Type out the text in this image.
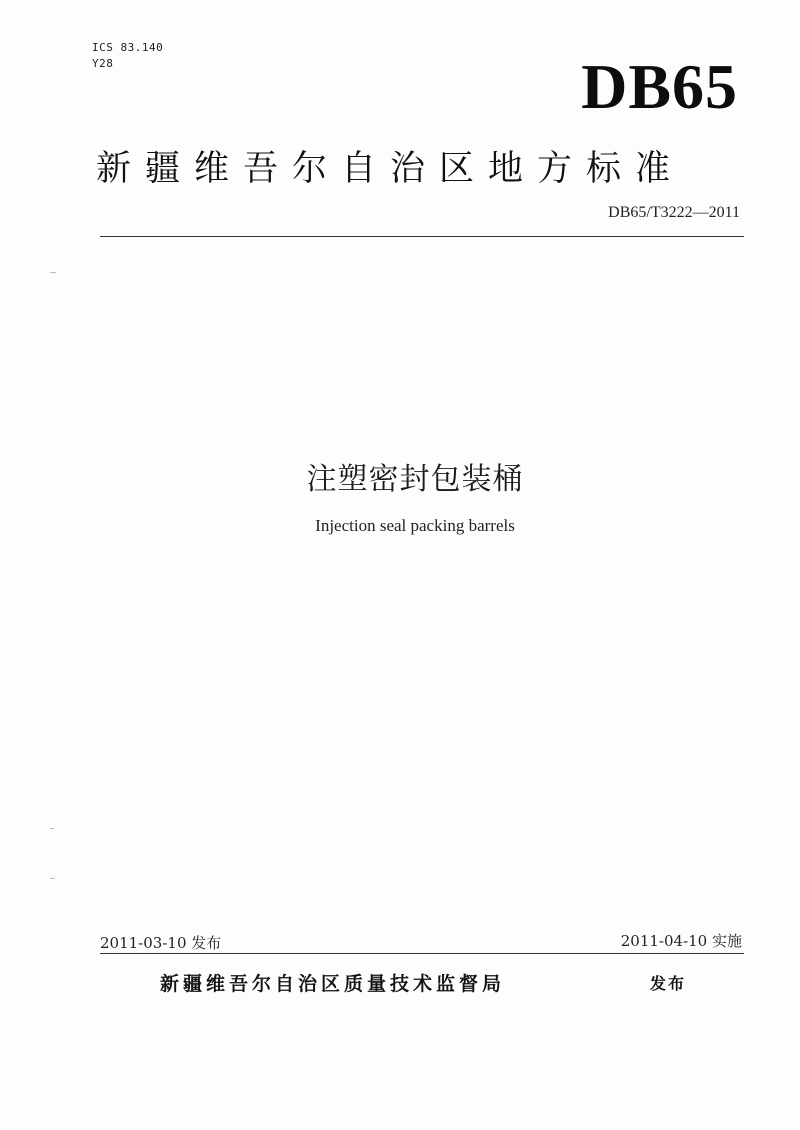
ICS 83.140
Y28	DB65
新疆维吾尔自治区地方标准
DB65/T3222—2011
注塑密封包装桶
Injection seal packing barrels
2011-03-10 发布	2011-04-10 实施
新疆维吾尔自治区质量技术监督局	发布
